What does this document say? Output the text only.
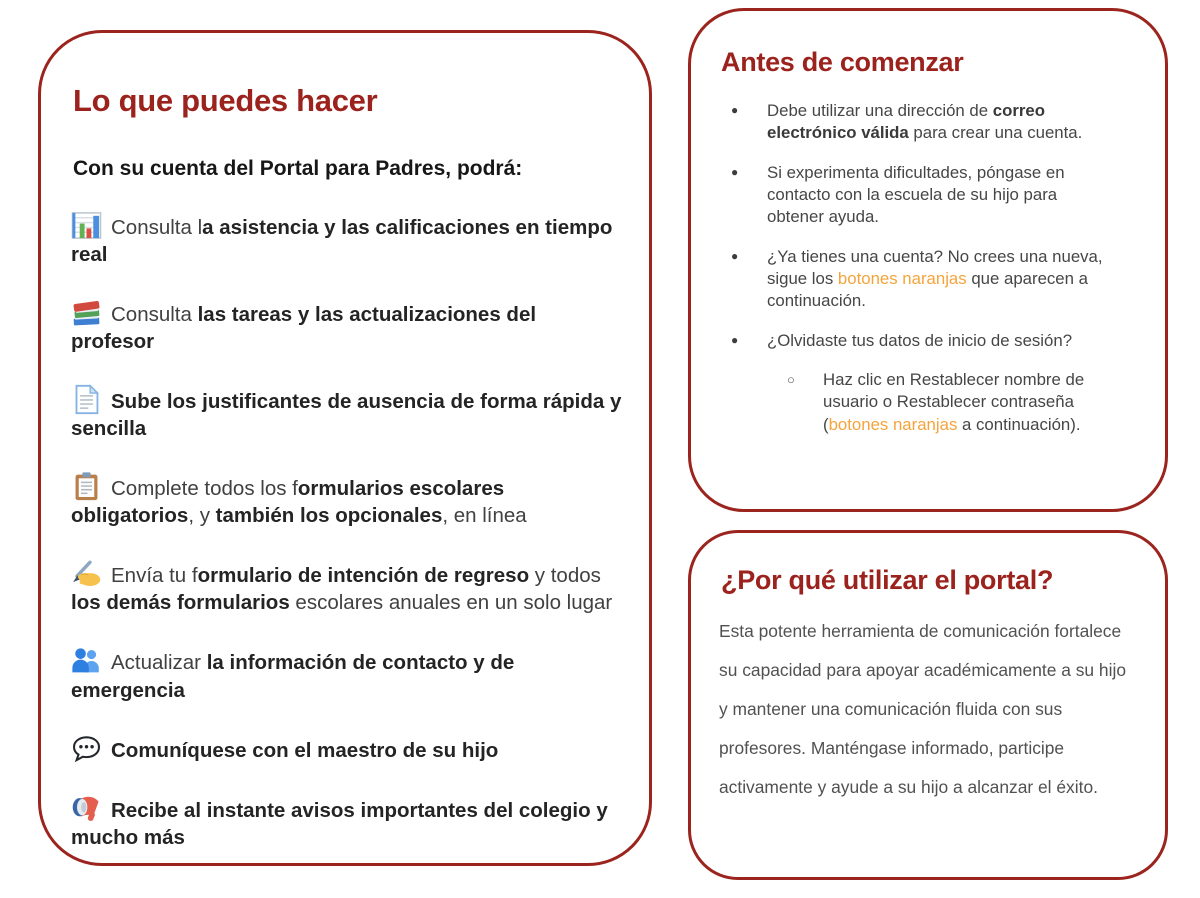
Lo que puedes hacer

Con su cuenta del Portal para Padres, podrá:

Consulta la asistencia y las calificaciones en tiempo real

Consulta las tareas y las actualizaciones del profesor

Sube los justificantes de ausencia de forma rápida y sencilla

Complete todos los formularios escolares obligatorios, y también los opcionales, en línea

Envía tu formulario de intención de regreso y todos los demás formularios escolares anuales en un solo lugar

Actualizar la información de contacto y de emergencia

Comuníquese con el maestro de su hijo

Recibe al instante avisos importantes del colegio y mucho más

Antes de comenzar
●	Debe utilizar una dirección de correo electrónico válida para crear una cuenta.
●	Si experimenta dificultades, póngase en contacto con la escuela de su hijo para obtener ayuda.
●	¿Ya tienes una cuenta? No crees una nueva, sigue los botones naranjas que aparecen a continuación.
●	¿Olvidaste tus datos de inicio de sesión?
○	Haz clic en Restablecer nombre de usuario o Restablecer contraseña (botones naranjas a continuación).
¿Por qué utilizar el portal?

Esta potente herramienta de comunicación fortalece su capacidad para apoyar académicamente a su hijo y mantener una comunicación fluida con sus profesores. Manténgase informado, participe activamente y ayude a su hijo a alcanzar el éxito.
